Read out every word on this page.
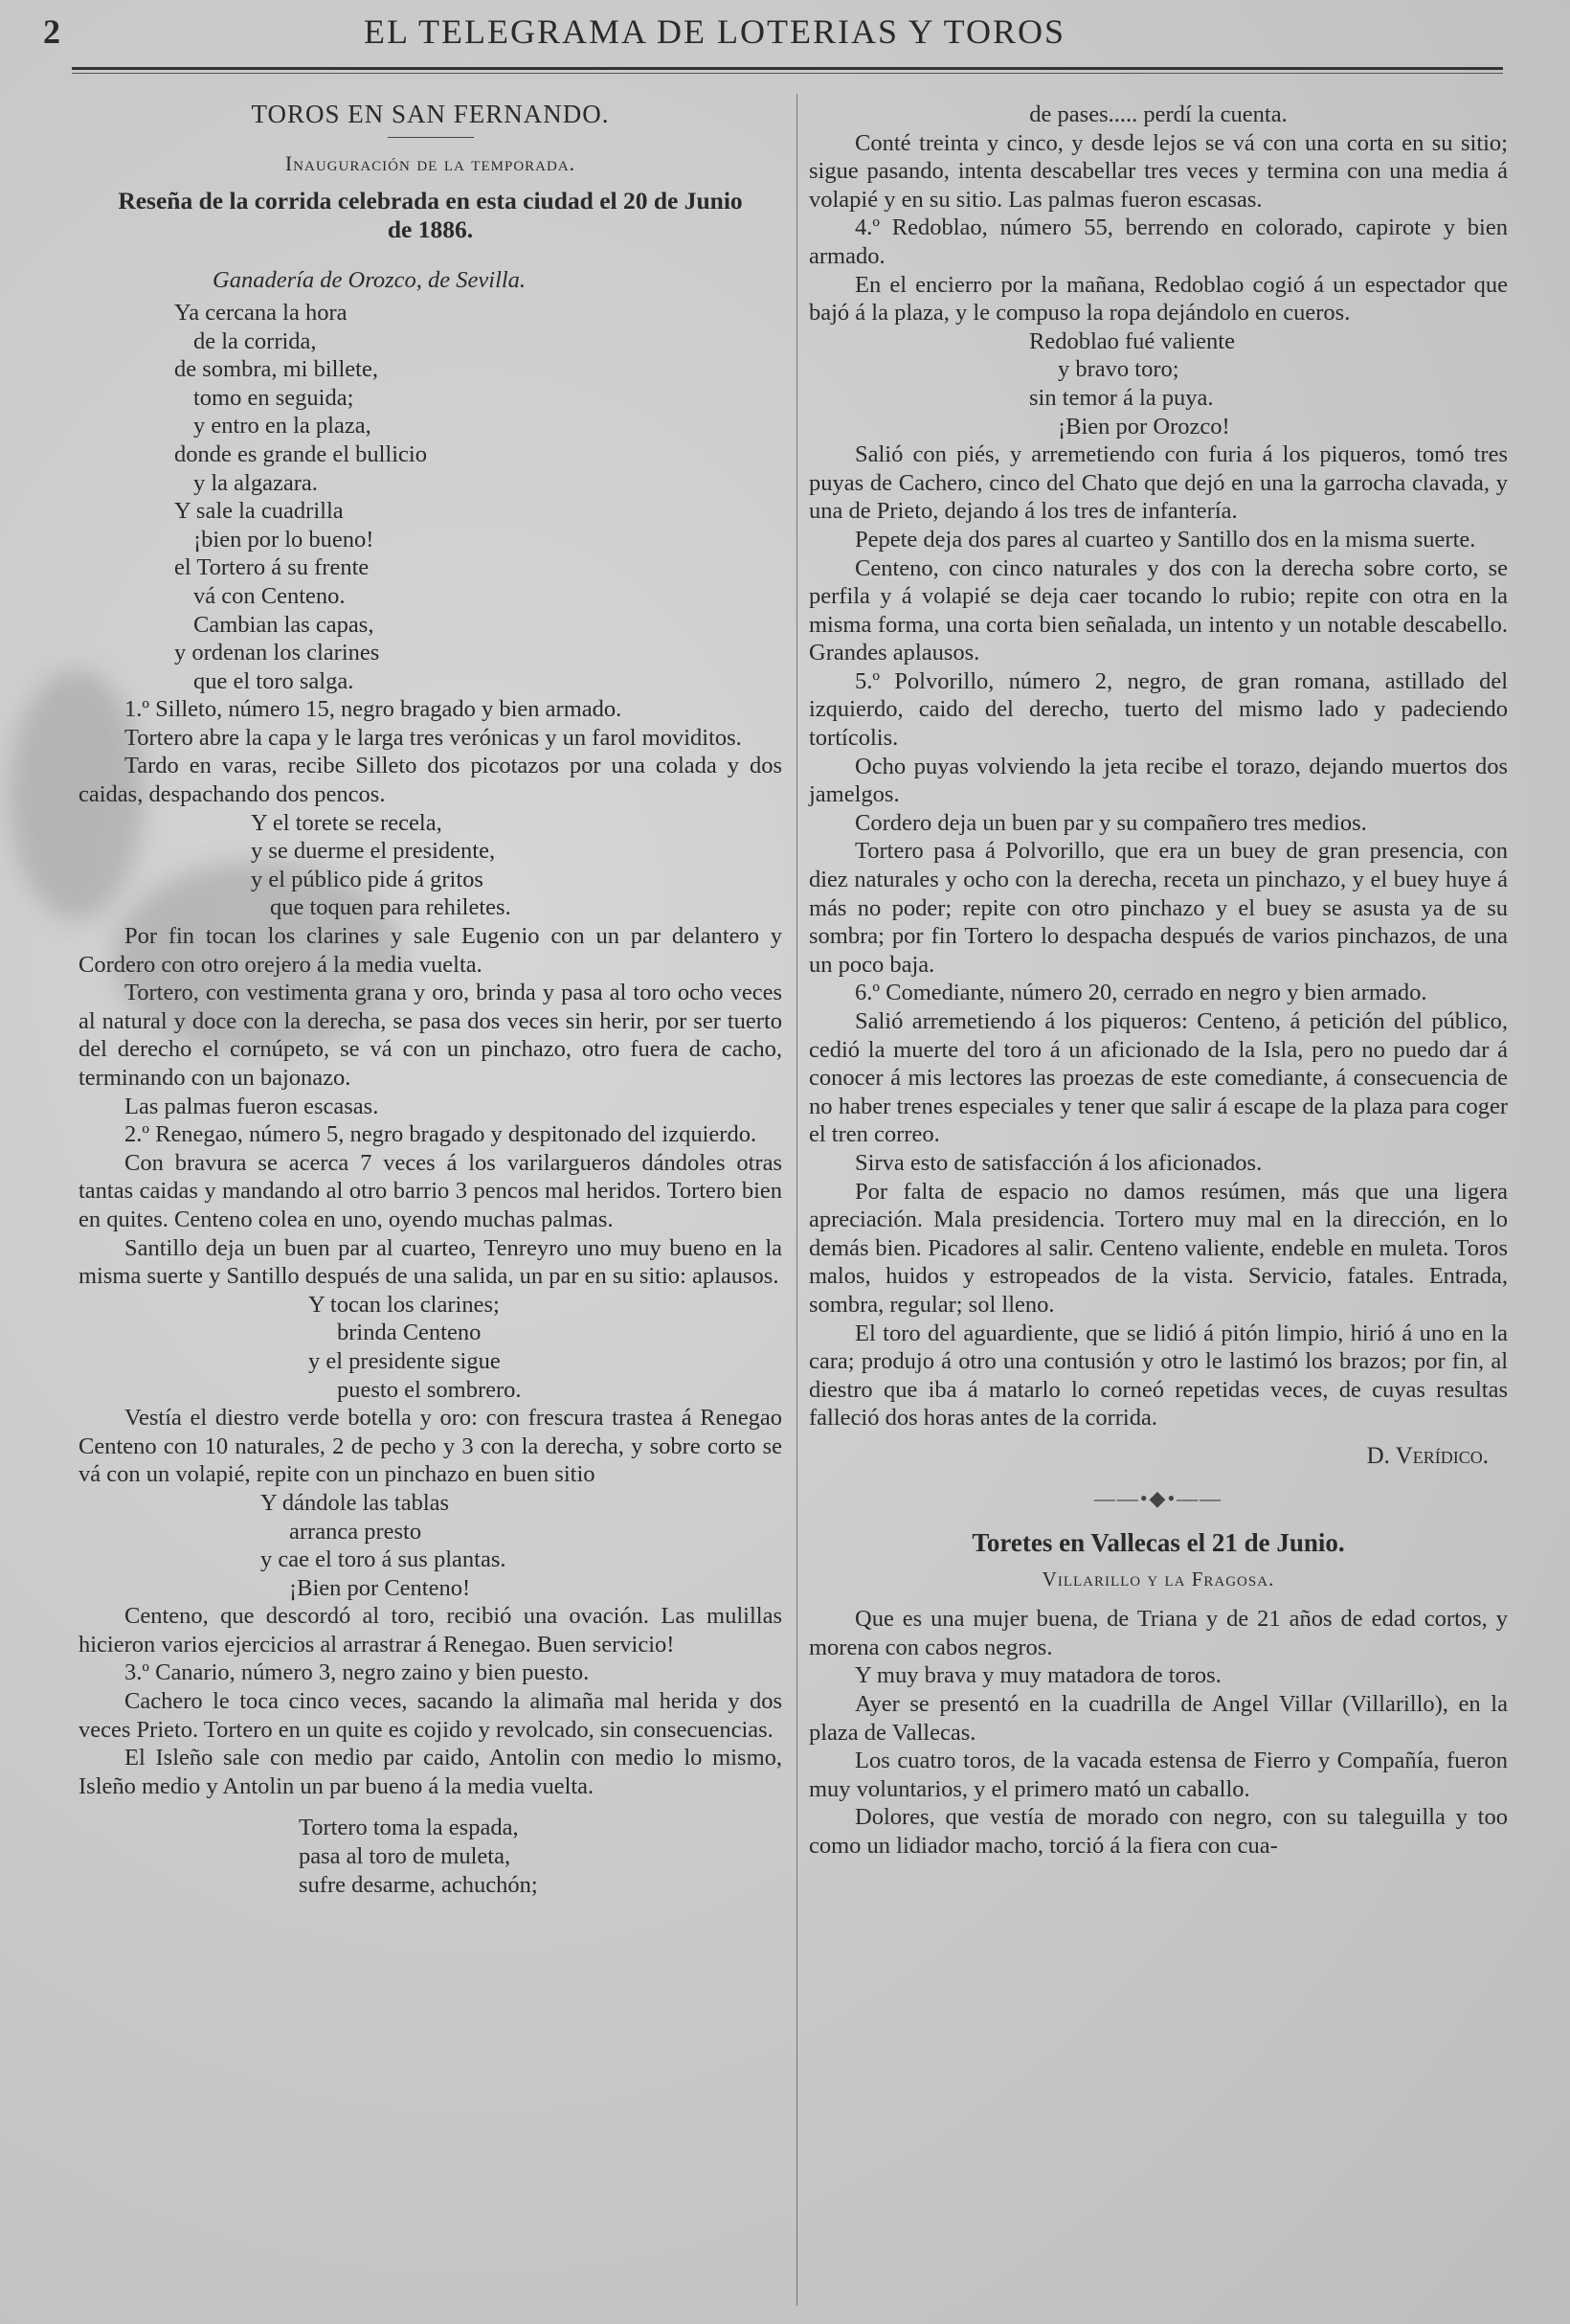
2	EL TELEGRAMA DE LOTERIAS Y TOROS

TOROS EN SAN FERNANDO.

Inauguración de la temporada.

Reseña de la corrida celebrada en esta ciudad el 20 de Junio de 1886.

Ganadería de Orozco, de Sevilla.

Ya cercana la hora

de la corrida,

de sombra, mi billete,

tomo en seguida;

y entro en la plaza,

donde es grande el bullicio

y la algazara.

Y sale la cuadrilla

¡bien por lo bueno!

el Tortero á su frente

vá con Centeno.

Cambian las capas,

y ordenan los clarines

que el toro salga.

1.º Silleto, número 15, negro bragado y bien armado.

Tortero abre la capa y le larga tres verónicas y un farol moviditos.

Tardo en varas, recibe Silleto dos picotazos por una colada y dos caidas, despachando dos pencos.

Y el torete se recela,

y se duerme el presidente,

y el público pide á gritos

que toquen para rehiletes.

Por fin tocan los clarines y sale Eugenio con un par delantero y Cordero con otro orejero á la media vuelta.

Tortero, con vestimenta grana y oro, brinda y pasa al toro ocho veces al natural y doce con la derecha, se pasa dos veces sin herir, por ser tuerto del derecho el cornúpeto, se vá con un pinchazo, otro fuera de cacho, terminando con un bajonazo.

Las palmas fueron escasas.

2.º Renegao, número 5, negro bragado y despitonado del izquierdo.

Con bravura se acerca 7 veces á los varilargueros dándoles otras tantas caidas y mandando al otro barrio 3 pencos mal heridos. Tortero bien en quites. Centeno colea en uno, oyendo muchas palmas.

Santillo deja un buen par al cuarteo, Tenreyro uno muy bueno en la misma suerte y Santillo después de una salida, un par en su sitio: aplausos.

Y tocan los clarines;

brinda Centeno

y el presidente sigue

puesto el sombrero.

Vestía el diestro verde botella y oro: con frescura trastea á Renegao Centeno con 10 naturales, 2 de pecho y 3 con la derecha, y sobre corto se vá con un volapié, repite con un pinchazo en buen sitio

Y dándole las tablas

arranca presto

y cae el toro á sus plantas.

¡Bien por Centeno!

Centeno, que descordó al toro, recibió una ovación. Las mulillas hicieron varios ejercicios al arrastrar á Renegao. Buen servicio!

3.º Canario, número 3, negro zaino y bien puesto.

Cachero le toca cinco veces, sacando la alimaña mal herida y dos veces Prieto. Tortero en un quite es cojido y revolcado, sin consecuencias.

El Isleño sale con medio par caido, Antolin con medio lo mismo, Isleño medio y Antolin un par bueno á la media vuelta.

Tortero toma la espada,

pasa al toro de muleta,

sufre desarme, achuchón;

de pases..... perdí la cuenta.

Conté treinta y cinco, y desde lejos se vá con una corta en su sitio; sigue pasando, intenta descabellar tres veces y termina con una media á volapié y en su sitio. Las palmas fueron escasas.

4.º Redoblao, número 55, berrendo en colorado, capirote y bien armado.

En el encierro por la mañana, Redoblao cogió á un espectador que bajó á la plaza, y le compuso la ropa dejándolo en cueros.

Redoblao fué valiente

y bravo toro;

sin temor á la puya.

¡Bien por Orozco!

Salió con piés, y arremetiendo con furia á los piqueros, tomó tres puyas de Cachero, cinco del Chato que dejó en una la garrocha clavada, y una de Prieto, dejando á los tres de infantería.

Pepete deja dos pares al cuarteo y Santillo dos en la misma suerte.

Centeno, con cinco naturales y dos con la derecha sobre corto, se perfila y á volapié se deja caer tocando lo rubio; repite con otra en la misma forma, una corta bien señalada, un intento y un notable descabello. Grandes aplausos.

5.º Polvorillo, número 2, negro, de gran romana, astillado del izquierdo, caido del derecho, tuerto del mismo lado y padeciendo tortícolis.

Ocho puyas volviendo la jeta recibe el torazo, dejando muertos dos jamelgos.

Cordero deja un buen par y su compañero tres medios.

Tortero pasa á Polvorillo, que era un buey de gran presencia, con diez naturales y ocho con la derecha, receta un pinchazo, y el buey huye á más no poder; repite con otro pinchazo y el buey se asusta ya de su sombra; por fin Tortero lo despacha después de varios pinchazos, de una un poco baja.

6.º Comediante, número 20, cerrado en negro y bien armado.

Salió arremetiendo á los piqueros: Centeno, á petición del público, cedió la muerte del toro á un aficionado de la Isla, pero no puedo dar á conocer á mis lectores las proezas de este comediante, á consecuencia de no haber trenes especiales y tener que salir á escape de la plaza para coger el tren correo.

Sirva esto de satisfacción á los aficionados.

Por falta de espacio no damos resúmen, más que una ligera apreciación. Mala presidencia. Tortero muy mal en la dirección, en lo demás bien. Picadores al salir. Centeno valiente, endeble en muleta. Toros malos, huidos y estropeados de la vista. Servicio, fatales. Entrada, sombra, regular; sol lleno.

El toro del aguardiente, que se lidió á pitón limpio, hirió á uno en la cara; produjo á otro una contusión y otro le lastimó los brazos; por fin, al diestro que iba á matarlo lo corneó repetidas veces, de cuyas resultas falleció dos horas antes de la corrida.

D. Verídico.

——•◆•——

Toretes en Vallecas el 21 de Junio.

Villarillo y la Fragosa.

Que es una mujer buena, de Triana y de 21 años de edad cortos, y morena con cabos negros.

Y muy brava y muy matadora de toros.

Ayer se presentó en la cuadrilla de Angel Villar (Villarillo), en la plaza de Vallecas.

Los cuatro toros, de la vacada estensa de Fierro y Compañía, fueron muy voluntarios, y el primero mató un caballo.

Dolores, que vestía de morado con negro, con su taleguilla y too como un lidiador macho, torció á la fiera con cua-
